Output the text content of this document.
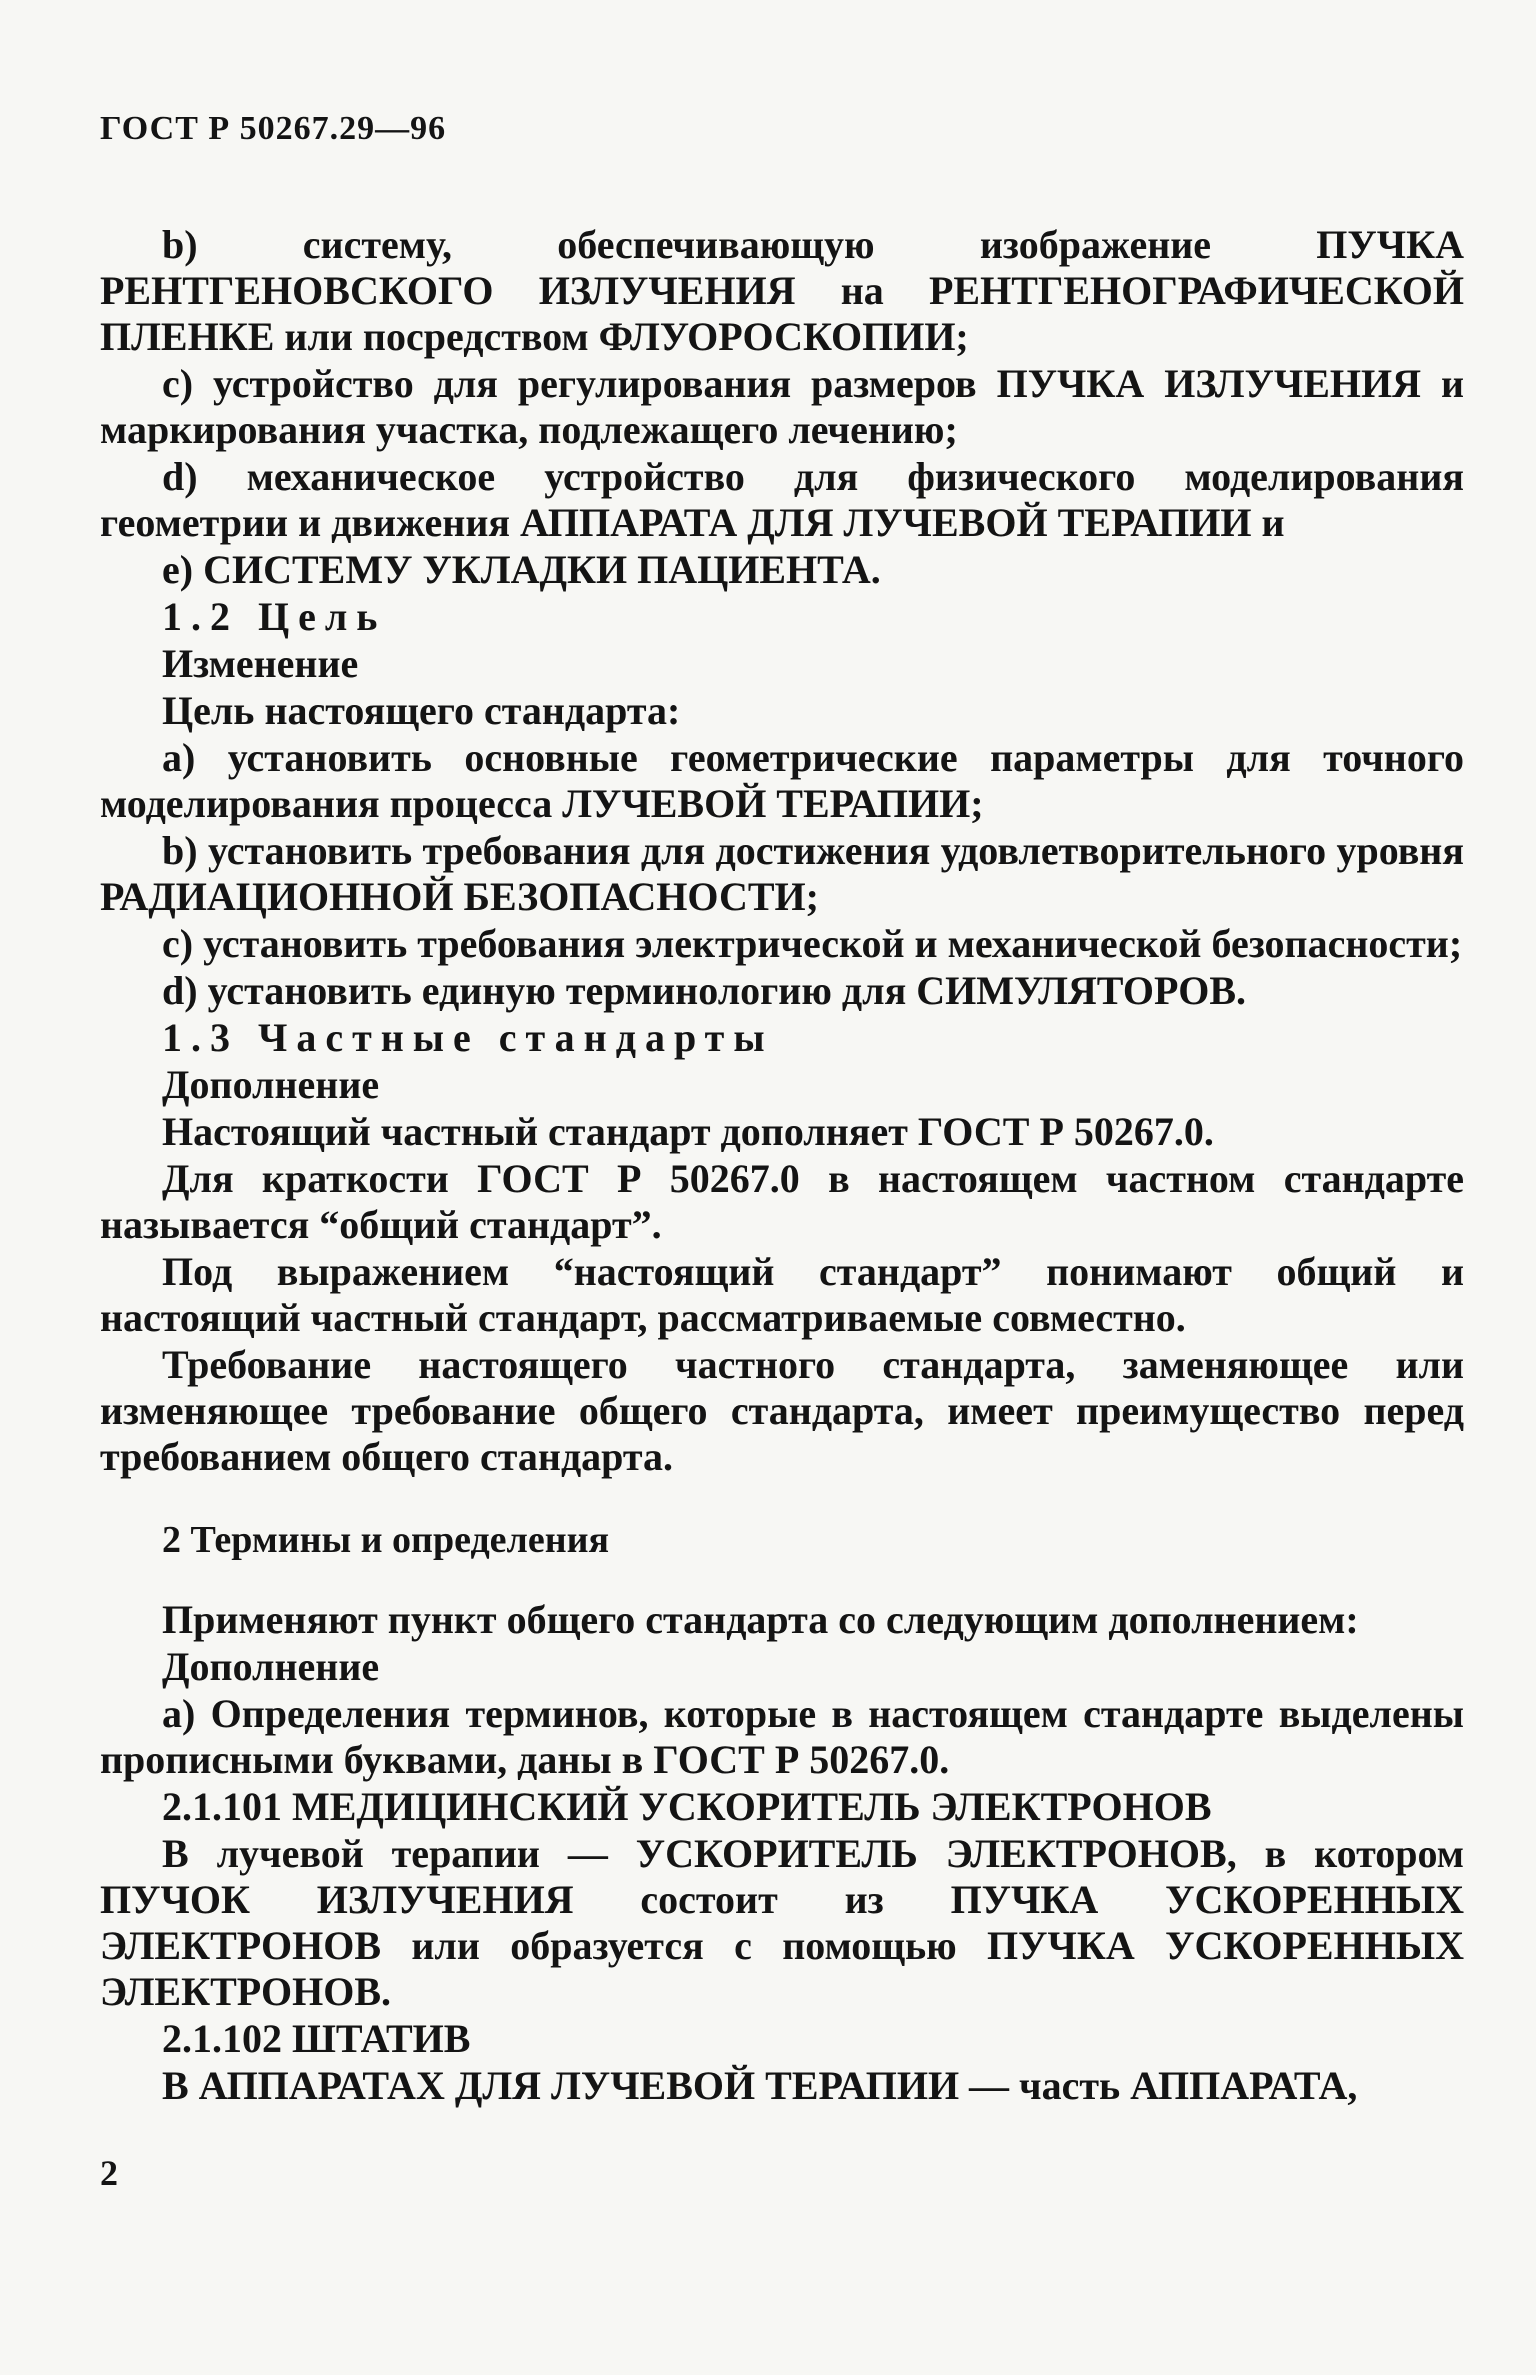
ГОСТ Р 50267.29—96

b) систему, обеспечивающую изображение ПУЧКА РЕНТГЕНОВСКОГО ИЗЛУЧЕНИЯ на РЕНТГЕНОГРАФИЧЕСКОЙ ПЛЕНКЕ или посредством ФЛУОРОСКОПИИ;

c) устройство для регулирования размеров ПУЧКА ИЗЛУЧЕНИЯ и маркирования участка, подлежащего лечению;

d) механическое устройство для физического моделирования геометрии и движения АППАРАТА ДЛЯ ЛУЧЕВОЙ ТЕРАПИИ и

e) СИСТЕМУ УКЛАДКИ ПАЦИЕНТА.

1.2 Цель

Изменение

Цель настоящего стандарта:

a) установить основные геометрические параметры для точного моделирования процесса ЛУЧЕВОЙ ТЕРАПИИ;

b) установить требования для достижения удовлетворительного уровня РАДИАЦИОННОЙ БЕЗОПАСНОСТИ;

c) установить требования электрической и механической безопасности;

d) установить единую терминологию для СИМУЛЯТОРОВ.

1.3 Частные стандарты

Дополнение

Настоящий частный стандарт дополняет ГОСТ Р 50267.0.

Для краткости ГОСТ Р 50267.0 в настоящем частном стандарте называется “общий стандарт”.

Под выражением “настоящий стандарт” понимают общий и настоящий частный стандарт, рассматриваемые совместно.

Требование настоящего частного стандарта, заменяющее или изменяющее требование общего стандарта, имеет преимущество перед требованием общего стандарта.

2 Термины и определения

Применяют пункт общего стандарта со следующим дополнением:

Дополнение

a) Определения терминов, которые в настоящем стандарте выделены прописными буквами, даны в ГОСТ Р 50267.0.

2.1.101 МЕДИЦИНСКИЙ УСКОРИТЕЛЬ ЭЛЕКТРОНОВ

В лучевой терапии — УСКОРИТЕЛЬ ЭЛЕКТРОНОВ, в котором ПУЧОК ИЗЛУЧЕНИЯ состоит из ПУЧКА УСКОРЕННЫХ ЭЛЕКТРОНОВ или образуется с помощью ПУЧКА УСКОРЕННЫХ ЭЛЕКТРОНОВ.

2.1.102 ШТАТИВ

В АППАРАТАХ ДЛЯ ЛУЧЕВОЙ ТЕРАПИИ — часть АППАРАТА,

2
